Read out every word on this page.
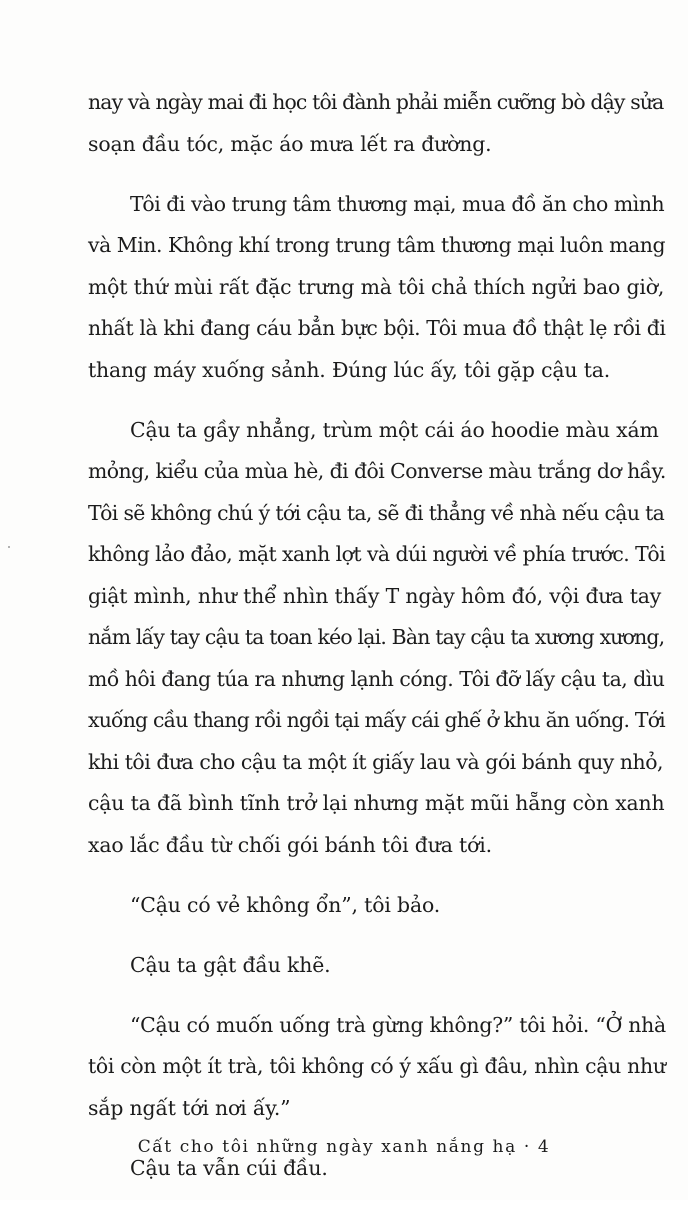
nay và ngày mai đi học tôi đành phải miễn cưỡng bò dậy sửa
soạn đầu tóc, mặc áo mưa lết ra đường.
Tôi đi vào trung tâm thương mại, mua đồ ăn cho mình
và Min. Không khí trong trung tâm thương mại luôn mang
một thứ mùi rất đặc trưng mà tôi chả thích ngửi bao giờ,
nhất là khi đang cáu bẳn bực bội. Tôi mua đồ thật lẹ rồi đi
thang máy xuống sảnh. Đúng lúc ấy, tôi gặp cậu ta.
Cậu ta gầy nhẳng, trùm một cái áo hoodie màu xám
mỏng, kiểu của mùa hè, đi đôi Converse màu trắng dơ hầy.
Tôi sẽ không chú ý tới cậu ta, sẽ đi thẳng về nhà nếu cậu ta
không lảo đảo, mặt xanh lợt và dúi người về phía trước. Tôi
giật mình, như thể nhìn thấy T ngày hôm đó, vội đưa tay
nắm lấy tay cậu ta toan kéo lại. Bàn tay cậu ta xương xương,
mồ hôi đang túa ra nhưng lạnh cóng. Tôi đỡ lấy cậu ta, dìu
xuống cầu thang rồi ngồi tại mấy cái ghế ở khu ăn uống. Tới
khi tôi đưa cho cậu ta một ít giấy lau và gói bánh quy nhỏ,
cậu ta đã bình tĩnh trở lại nhưng mặt mũi hẵng còn xanh
xao lắc đầu từ chối gói bánh tôi đưa tới.
“Cậu có vẻ không ổn”, tôi bảo.
Cậu ta gật đầu khẽ.
“Cậu có muốn uống trà gừng không?” tôi hỏi. “Ở nhà
tôi còn một ít trà, tôi không có ý xấu gì đâu, nhìn cậu như
sắp ngất tới nơi ấy.”
Cậu ta vẫn cúi đầu.
Cất cho tôi những ngày xanh nắng hạ · 4
